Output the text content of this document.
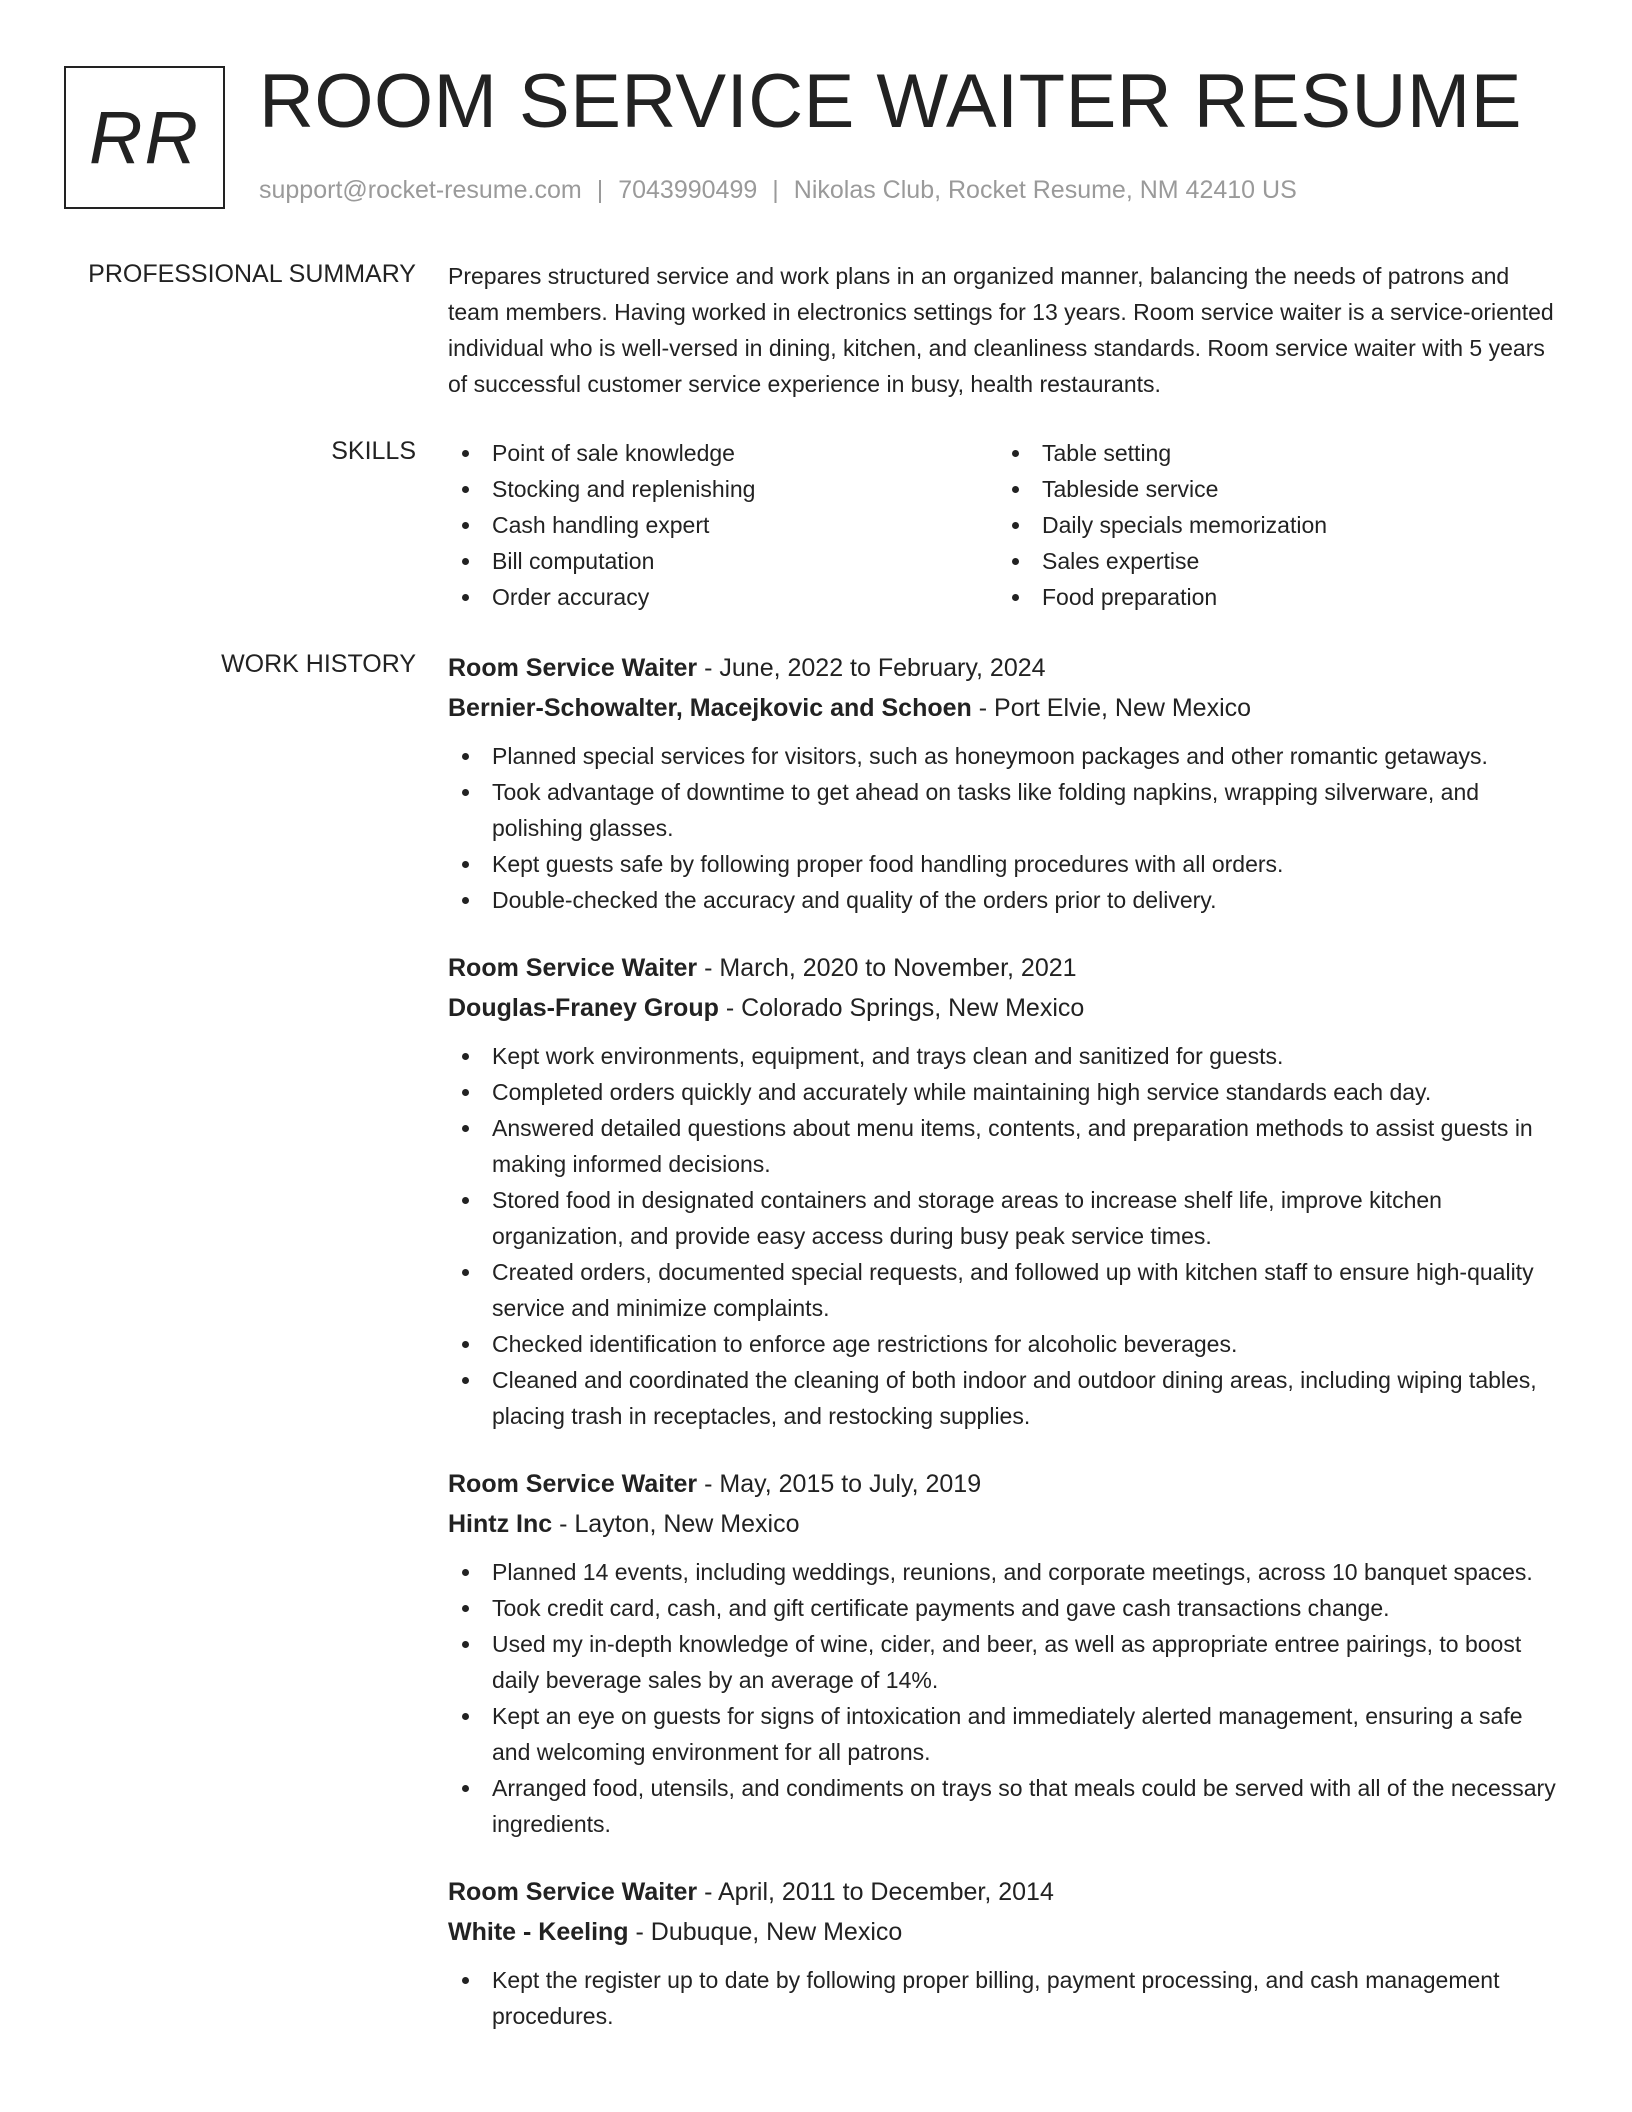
RR ROOM SERVICE WAITER RESUME
support@rocket-resume.com | 7043990499 | Nikolas Club, Rocket Resume, NM 42410 US
PROFESSIONAL SUMMARY Prepares structured service and work plans in an organized manner, balancing the needs of patrons and team members. Having worked in electronics settings for 13 years. Room service waiter is a service-oriented individual who is well-versed in dining, kitchen, and cleanliness standards. Room service waiter with 5 years of successful customer service experience in busy, health restaurants.

SKILLS	Point of sale knowledge
Stocking and replenishing
Cash handling expert
Bill computation
Order accuracy
Table setting
Tableside service
Daily specials memorization
Sales expertise
Food preparation
WORK HISTORY Room Service Waiter - June, 2022 to February, 2024
Bernier-Schowalter, Macejkovic and Schoen - Port Elvie, New Mexico
Planned special services for visitors, such as honeymoon packages and other romantic getaways.
Took advantage of downtime to get ahead on tasks like folding napkins, wrapping silverware, and polishing glasses.
Kept guests safe by following proper food handling procedures with all orders.
Double-checked the accuracy and quality of the orders prior to delivery.
Room Service Waiter - March, 2020 to November, 2021
Douglas-Franey Group - Colorado Springs, New Mexico
Kept work environments, equipment, and trays clean and sanitized for guests.
Completed orders quickly and accurately while maintaining high service standards each day.
Answered detailed questions about menu items, contents, and preparation methods to assist guests in making informed decisions.
Stored food in designated containers and storage areas to increase shelf life, improve kitchen organization, and provide easy access during busy peak service times.
Created orders, documented special requests, and followed up with kitchen staff to ensure high-quality service and minimize complaints.
Checked identification to enforce age restrictions for alcoholic beverages.
Cleaned and coordinated the cleaning of both indoor and outdoor dining areas, including wiping tables, placing trash in receptacles, and restocking supplies.
Room Service Waiter - May, 2015 to July, 2019
Hintz Inc - Layton, New Mexico
Planned 14 events, including weddings, reunions, and corporate meetings, across 10 banquet spaces.
Took credit card, cash, and gift certificate payments and gave cash transactions change.
Used my in-depth knowledge of wine, cider, and beer, as well as appropriate entree pairings, to boost daily beverage sales by an average of 14%.
Kept an eye on guests for signs of intoxication and immediately alerted management, ensuring a safe and welcoming environment for all patrons.
Arranged food, utensils, and condiments on trays so that meals could be served with all of the necessary ingredients.
Room Service Waiter - April, 2011 to December, 2014
White - Keeling - Dubuque, New Mexico
Kept the register up to date by following proper billing, payment processing, and cash management procedures.
